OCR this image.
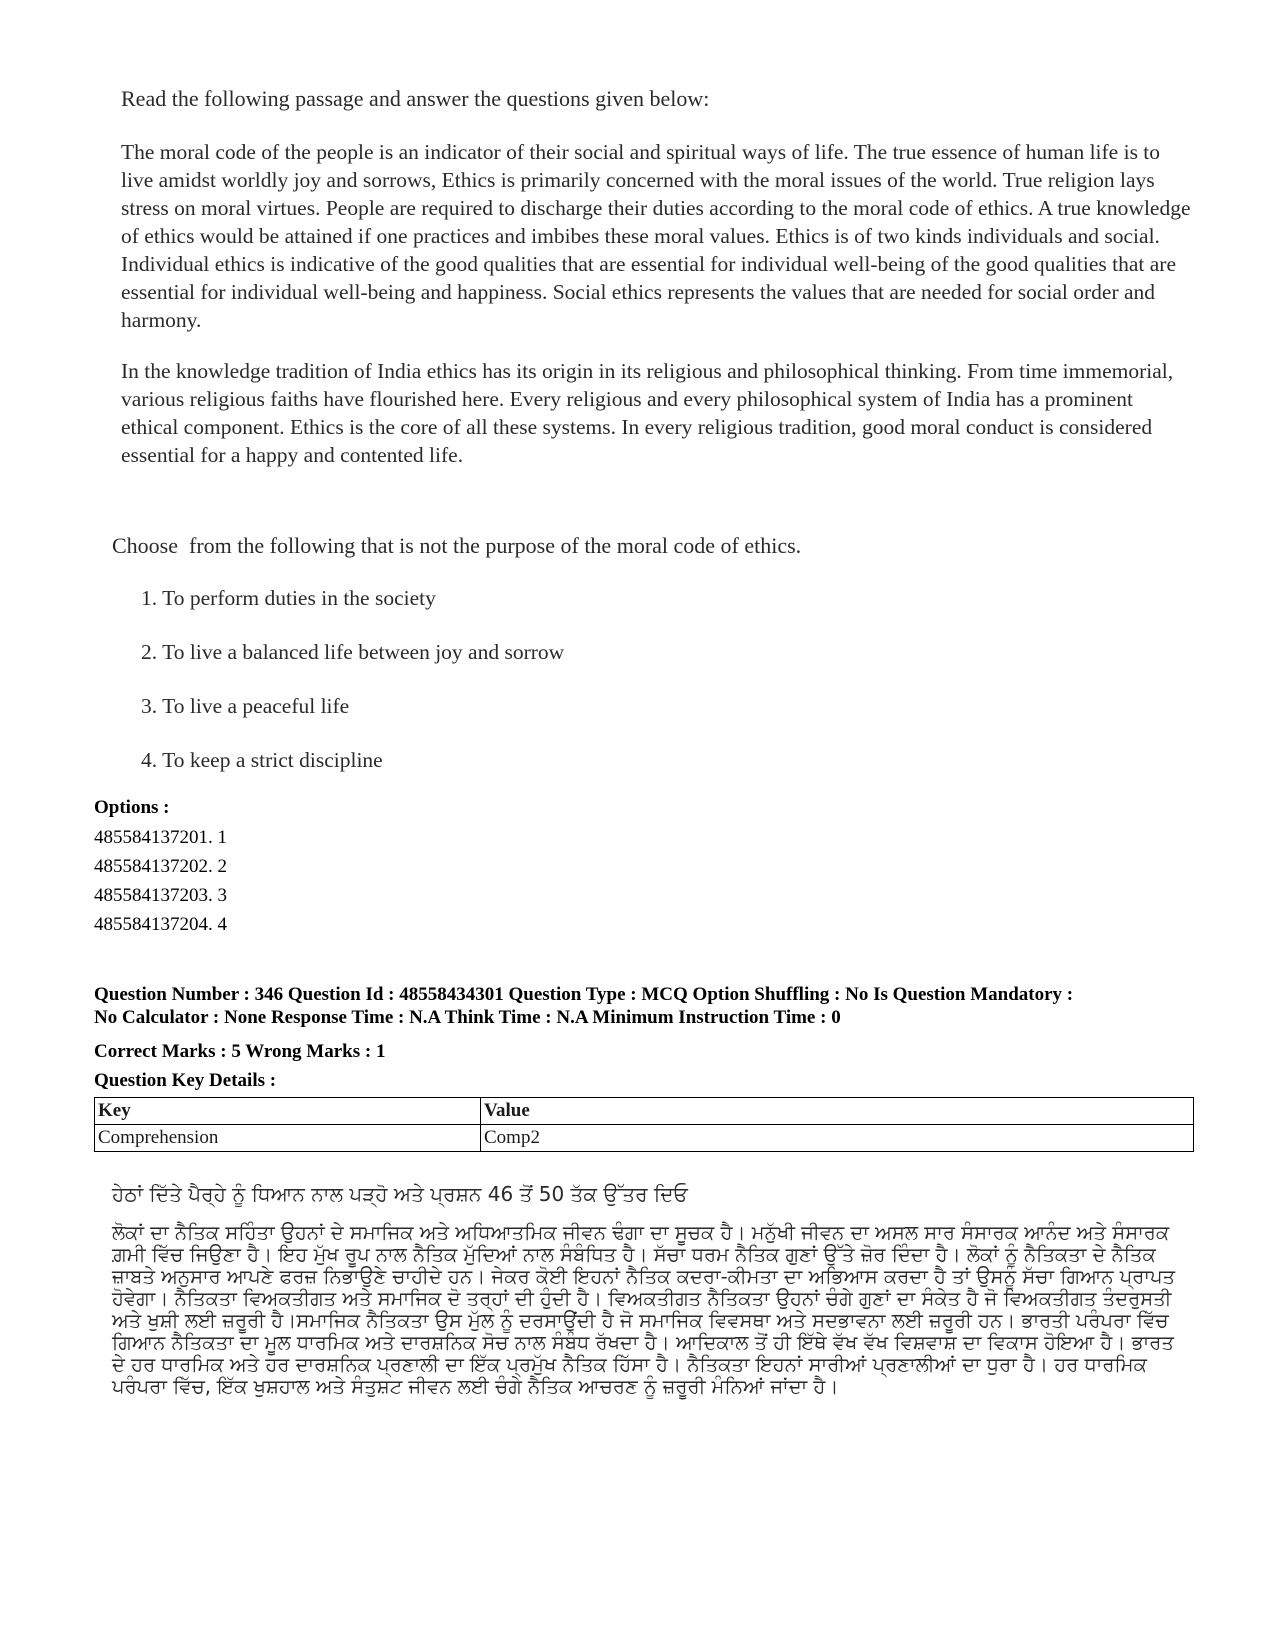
Read the following passage and answer the questions given below:
The moral code of the people is an indicator of their social and spiritual ways of life. The true essence of human life is to live amidst worldly joy and sorrows, Ethics is primarily concerned with the moral issues of the world. True religion lays stress on moral virtues. People are required to discharge their duties according to the moral code of ethics. A true knowledge of ethics would be attained if one practices and imbibes these moral values. Ethics is of two kinds individuals and social. Individual ethics is indicative of the good qualities that are essential for individual well-being of the good qualities that are essential for individual well-being and happiness. Social ethics represents the values that are needed for social order and harmony.
In the knowledge tradition of India ethics has its origin in its religious and philosophical thinking. From time immemorial, various religious faiths have flourished here. Every religious and every philosophical system of India has a prominent ethical component. Ethics is the core of all these systems. In every religious tradition, good moral conduct is considered essential for a happy and contented life.
Choose  from the following that is not the purpose of the moral code of ethics.
1. To perform duties in the society
2. To live a balanced life between joy and sorrow
3. To live a peaceful life
4. To keep a strict discipline
Options :
485584137201. 1
485584137202. 2
485584137203. 3
485584137204. 4
Question Number : 346 Question Id : 48558434301 Question Type : MCQ Option Shuffling : No Is Question Mandatory :
No Calculator : None Response Time : N.A Think Time : N.A Minimum Instruction Time : 0
Correct Marks : 5 Wrong Marks : 1
Question Key Details :
Key	Value
Comprehension	Comp2
ਹੇਠਾਂ ਦਿੱਤੇ ਪੈਰ੍ਹੇ ਨੂੰ ਧਿਆਨ ਨਾਲ ਪੜ੍ਹੋ ਅਤੇ ਪ੍ਰਸ਼ਨ 46 ਤੋਂ 50 ਤੱਕ ਉੱਤਰ ਦਿਓ
ਲੋਕਾਂ ਦਾ ਨੈਤਿਕ ਸਹਿੰਤਾ ਉਹਨਾਂ ਦੇ ਸਮਾਜਿਕ ਅਤੇ ਅਧਿਆਤਮਿਕ ਜੀਵਨ ਢੰਗਾ ਦਾ ਸੂਚਕ ਹੈ। ਮਨੁੱਖੀ ਜੀਵਨ ਦਾ ਅਸਲ ਸਾਰ ਸੰਸਾਰਕ ਆਨੰਦ ਅਤੇ ਸੰਸਾਰਕ ਗ਼ਮੀ ਵਿੱਚ ਜਿਉਣਾ ਹੈ। ਇਹ ਮੁੱਖ ਰੂਪ ਨਾਲ ਨੈਤਿਕ ਮੁੱਦਿਆਂ ਨਾਲ ਸੰਬੰਧਿਤ ਹੈ। ਸੱਚਾ ਧਰਮ ਨੈਤਿਕ ਗੁਣਾਂ ਉੱਤੇ ਜ਼ੋਰ ਦਿੰਦਾ ਹੈ। ਲੋਕਾਂ ਨੂੰ ਨੈਤਿਕਤਾ ਦੇ ਨੈਤਿਕ ਜ਼ਾਬਤੇ ਅਨੁਸਾਰ ਆਪਣੇ ਫਰਜ਼ ਨਿਭਾਉਣੇ ਚਾਹੀਦੇ ਹਨ। ਜੇਕਰ ਕੋਈ ਇਹਨਾਂ ਨੈਤਿਕ ਕਦਰਾ-ਕੀਮਤਾ ਦਾ ਅਭਿਆਸ ਕਰਦਾ ਹੈ ਤਾਂ ਉਸਨੂੰ ਸੱਚਾ ਗਿਆਨ ਪ੍ਰਾਪਤ ਹੋਵੇਗਾ। ਨੈਤਿਕਤਾ ਵਿਅਕਤੀਗਤ ਅਤੇ ਸਮਾਜਿਕ ਦੋ ਤਰ੍ਹਾਂ ਦੀ ਹੁੰਦੀ ਹੈ। ਵਿਅਕਤੀਗਤ ਨੈਤਿਕਤਾ ਉਹਨਾਂ ਚੰਗੇ ਗੁਣਾਂ ਦਾ ਸੰਕੇਤ ਹੈ ਜੋ ਵਿਅਕਤੀਗਤ ਤੰਦਰੁਸਤੀ ਅਤੇ ਖੁਸ਼ੀ ਲਈ ਜ਼ਰੂਰੀ ਹੈ।ਸਮਾਜਿਕ ਨੈਤਿਕਤਾ ਉਸ ਮੁੱਲ ਨੂੰ ਦਰਸਾਉਂਦੀ ਹੈ ਜੋ ਸਮਾਜਿਕ ਵਿਵਸਥਾ ਅਤੇ ਸਦਭਾਵਨਾ ਲਈ ਜ਼ਰੂਰੀ ਹਨ। ਭਾਰਤੀ ਪਰੰਪਰਾ ਵਿੱਚ ਗਿਆਨ ਨੈਤਿਕਤਾ ਦਾ ਮੂਲ ਧਾਰਮਿਕ ਅਤੇ ਦਾਰਸ਼ਨਿਕ ਸੋਚ ਨਾਲ ਸੰਬੰਧ ਰੱਖਦਾ ਹੈ। ਆਦਿਕਾਲ ਤੋਂ ਹੀ ਇੱਥੇ ਵੱਖ ਵੱਖ ਵਿਸ਼ਵਾਸ਼ ਦਾ ਵਿਕਾਸ ਹੋਇਆ ਹੈ। ਭਾਰਤ ਦੇ ਹਰ ਧਾਰਮਿਕ ਅਤੇ ਹਰ ਦਾਰਸ਼ਨਿਕ ਪ੍ਰਣਾਲੀ ਦਾ ਇੱਕ ਪ੍ਰਮੁੱਖ ਨੈਤਿਕ ਹਿੱਸਾ ਹੈ। ਨੈਤਿਕਤਾ ਇਹਨਾਂ ਸਾਰੀਆਂ ਪ੍ਰਣਾਲੀਆਂ ਦਾ ਧੁਰਾ ਹੈ। ਹਰ ਧਾਰਮਿਕ ਪਰੰਪਰਾ ਵਿੱਚ, ਇੱਕ ਖੁਸ਼ਹਾਲ ਅਤੇ ਸੰਤੁਸ਼ਟ ਜੀਵਨ ਲਈ ਚੰਗੇ ਨੈਤਿਕ ਆਚਰਣ ਨੂੰ ਜ਼ਰੂਰੀ ਮੰਨਿਆਂ ਜਾਂਦਾ ਹੈ।
